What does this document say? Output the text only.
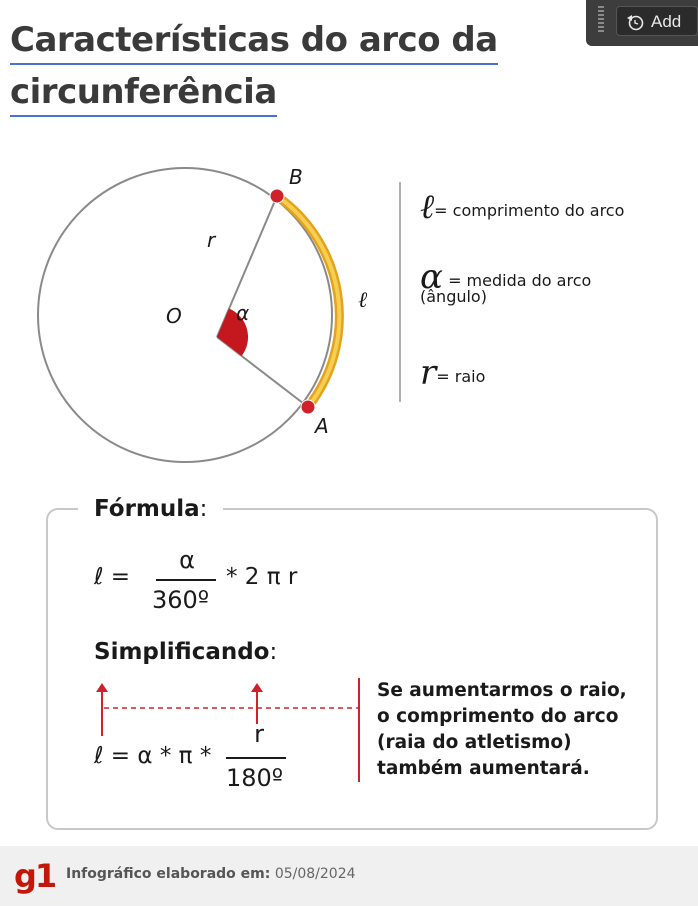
Add
Características do arco da
circunferência
B
A
O
r
α	ℓ
ℓ= comprimento do arco
α = medida do arco
(ângulo)
r= raio
Fórmula:
ℓ =
α
360º
* 2 π r
Simplificando:
ℓ = α * π *
r
180º
Se aumentarmos o raio,
o comprimento do arco
(raia do atletismo)
também aumentará.
g1 Infográfico elaborado em: 05/08/2024
